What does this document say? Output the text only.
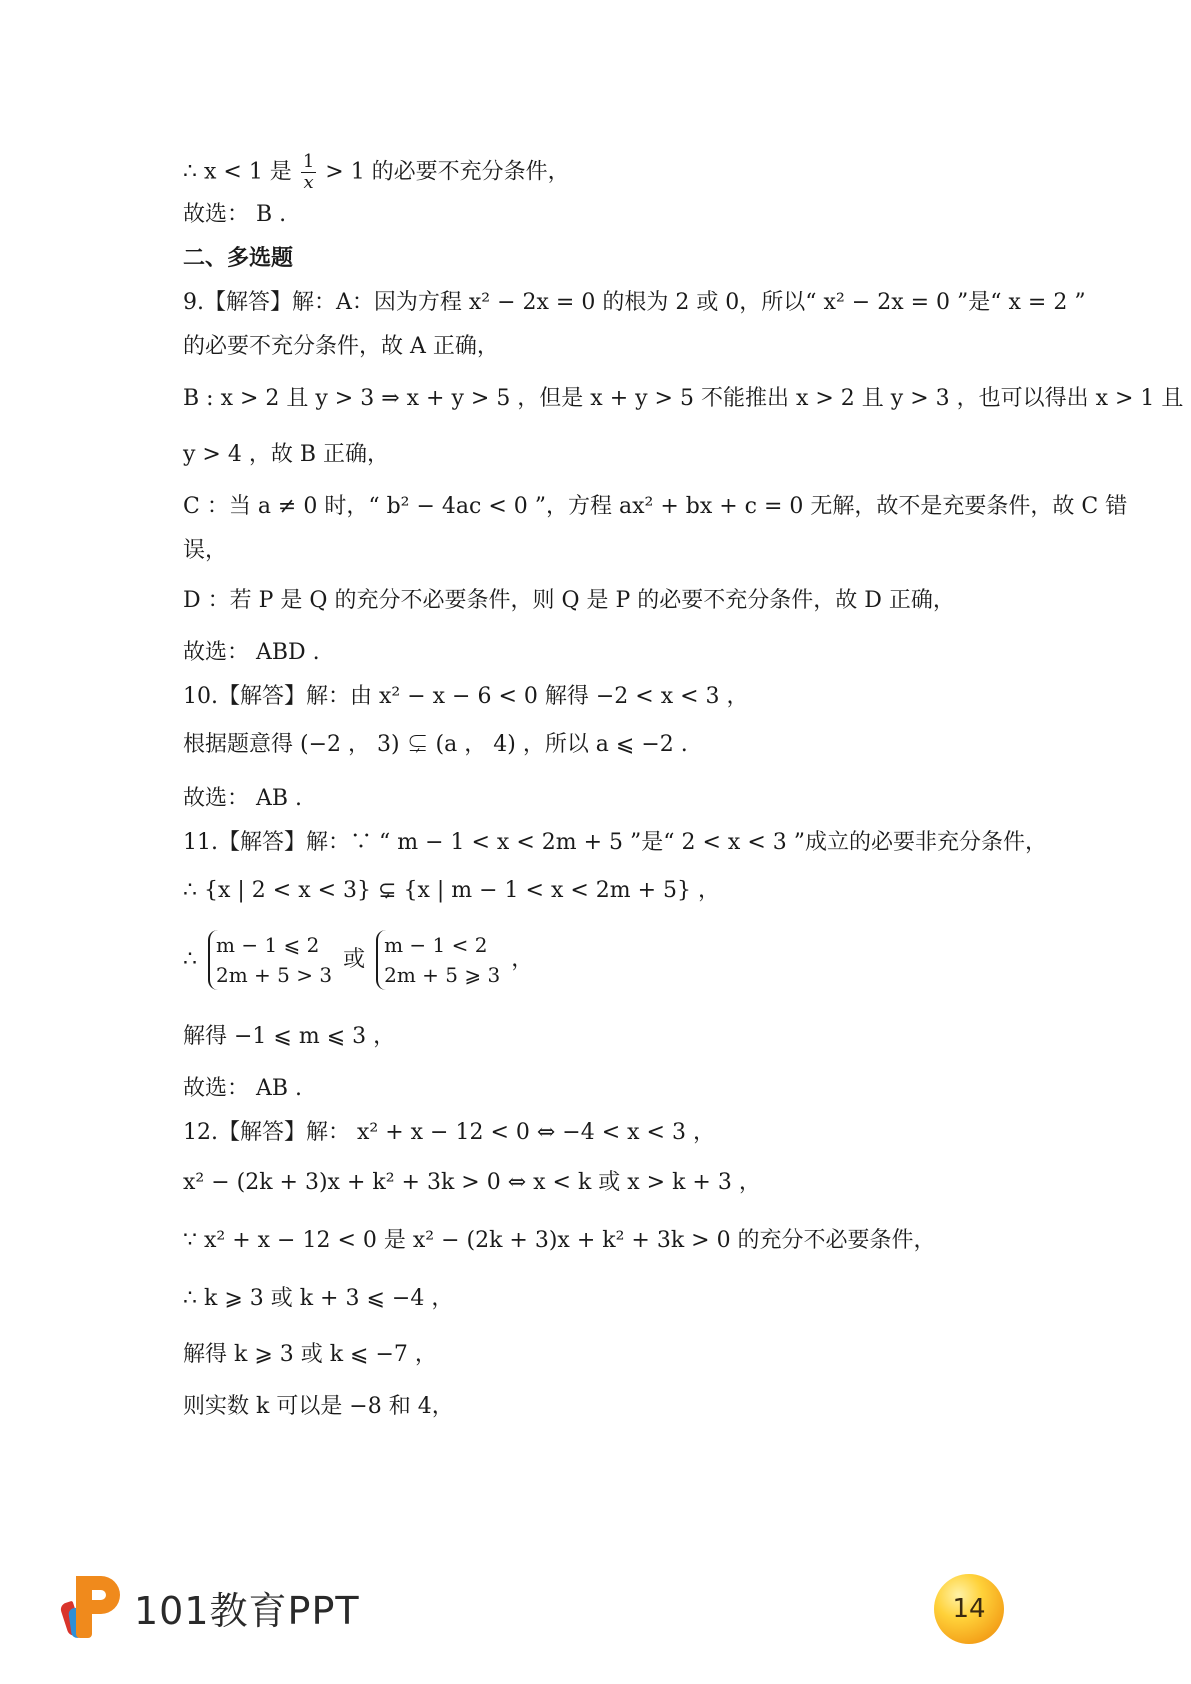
∴ x < 1 是 $\frac{1}{x} > 1$ 的必要不充分条件，

故选： B .

二、多选题

9.【解答】解：A：因为方程 x² − 2x = 0 的根为 2 或 0，所以“ x² − 2x = 0 ”是“ x = 2 ”

的必要不充分条件，故 A 正确，

B : x > 2 且 y > 3 ⇒ x + y > 5 ，但是 x + y > 5 不能推出 x > 2 且 y > 3 ，也可以得出 x > 1 且

y > 4 ，故 B 正确，

C ：当 a ≠ 0 时，“ b² − 4ac < 0 ”，方程 ax² + bx + c = 0 无解，故不是充要条件，故 C 错

误，

D ：若 P 是 Q 的充分不必要条件，则 Q 是 P 的必要不充分条件，故 D 正确，

故选： ABD .

10.【解答】解：由 x² − x − 6 < 0 解得 −2 < x < 3 ，

根据题意得 (−2 ， 3) ⊊ (a ， 4) ，所以 a ⩽ −2 .

故选： AB .

11.【解答】解：∵ “ m − 1 < x < 2m + 5 ”是“ 2 < x < 3 ”成立的必要非充分条件，

∴ {x | 2 < x < 3} ⊊ {x | m − 1 < x < 2m + 5} ，

∴
m − 1 ⩽ 2
2m + 5 > 3
或
m − 1 < 2
2m + 5 ⩾ 3
，

解得 −1 ⩽ m ⩽ 3 ，

故选： AB .

12.【解答】解： x² + x − 12 < 0 ⇔ −4 < x < 3 ，

x² − (2k + 3)x + k² + 3k > 0 ⇔ x < k 或 x > k + 3 ，

∵ x² + x − 12 < 0 是 x² − (2k + 3)x + k² + 3k > 0 的充分不必要条件，

∴ k ⩾ 3 或 k + 3 ⩽ −4 ，

解得 k ⩾ 3 或 k ⩽ −7 ，

则实数 k 可以是 −8 和 4，

101教育PPT	14
